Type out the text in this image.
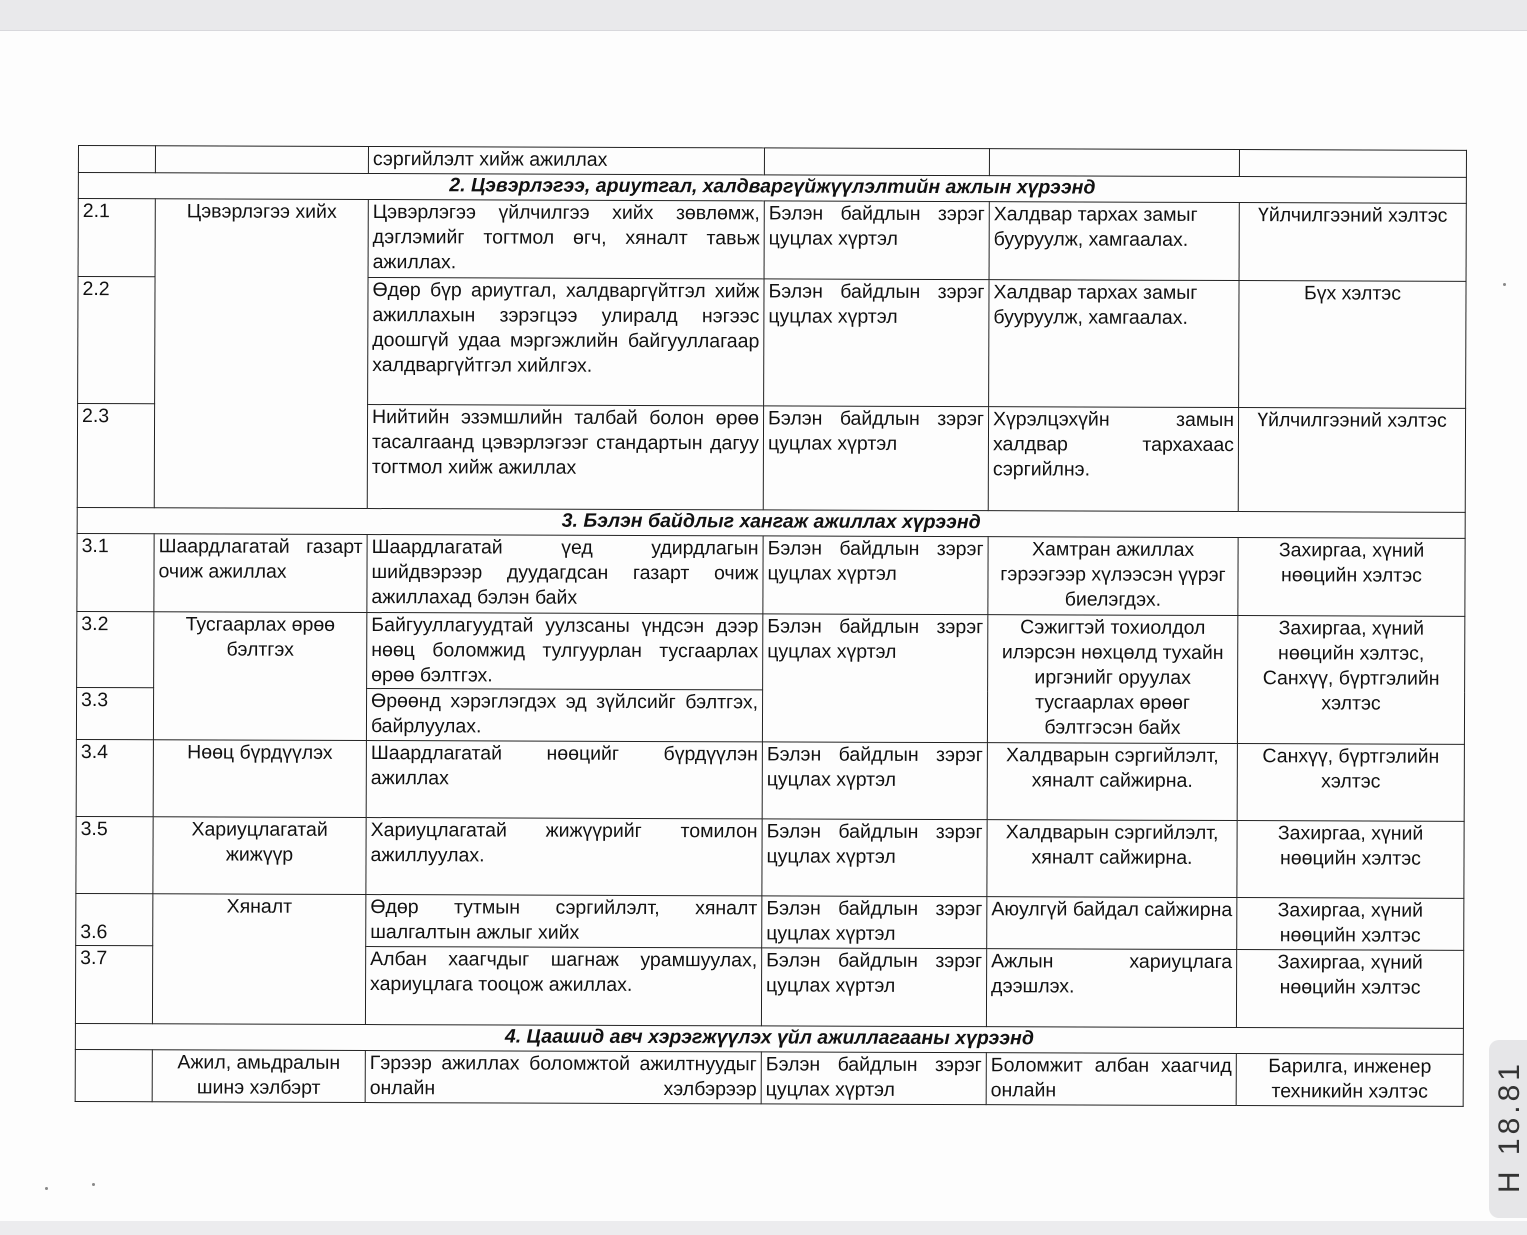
H 18.81
		сэргийлэлт хийж ажиллах			
2. Цэвэрлэгээ, ариутгал, халдваргүйжүүлэлтийн ажлын хүрээнд					
2.1	Цэвэрлэгээ хийх	Цэвэрлэгээ үйлчилгээ хийх зөвлөмж, дэглэмийг тогтмол өгч, хяналт тавьж ажиллах.	Бэлэн байдлын зэрэг цуцлах хүртэл	Халдвар тархах замыг бууруулж, хамгаалах.	Үйлчилгээний хэлтэс
2.2		Өдөр бүр ариутгал, халдваргүйтгэл хийж ажиллахын зэрэгцээ улиралд нэгээс доошгүй удаа мэргэжлийн байгууллагаар халдваргүйтгэл хийлгэх.	Бэлэн байдлын зэрэг цуцлах хүртэл	Халдвар тархах замыг бууруулж, хамгаалах.	Бүх хэлтэс
2.3		Нийтийн эзэмшлийн талбай болон өрөө тасалгаанд цэвэрлэгээг стандартын дагуу тогтмол хийж ажиллах	Бэлэн байдлын зэрэг цуцлах хүртэл	Хүрэлцэхүйн замын халдвар тархахаас сэргийлнэ.	Үйлчилгээний хэлтэс
3. Бэлэн байдлыг хангаж ажиллах хүрээнд					
3.1	Шаардлагатай газарт очиж ажиллах	Шаардлагатай үед удирдлагын шийдвэрээр дуудагдсан газарт очиж ажиллахад бэлэн байх	Бэлэн байдлын зэрэг цуцлах хүртэл	Хамтран ажиллах гэрээгээр хүлээсэн үүрэг биелэгдэх.	Захиргаа, хүний нөөцийн хэлтэс
3.2	Тусгаарлах өрөө бэлтгэх	Байгууллагуудтай уулзсаны үндсэн дээр нөөц боломжид тулгуурлан тусгаарлах өрөө бэлтгэх.	Бэлэн байдлын зэрэг цуцлах хүртэл	Сэжигтэй тохиолдол илэрсэн нөхцөлд тухайн иргэнийг оруулах тусгаарлах өрөөг бэлтгэсэн байх	Захиргаа, хүний нөөцийн хэлтэс, Санхүү, бүртгэлийн хэлтэс
3.3		Өрөөнд хэрэглэгдэх эд зүйлсийг бэлтгэх, байрлуулах.			
3.4	Нөөц бүрдүүлэх	Шаардлагатай нөөцийг бүрдүүлэн ажиллах	Бэлэн байдлын зэрэг цуцлах хүртэл	Халдварын сэргийлэлт, хяналт сайжирна.	Санхүү, бүртгэлийн хэлтэс
3.5	Хариуцлагатай жижүүр	Хариуцлагатай жижүүрийг томилон ажиллуулах.	Бэлэн байдлын зэрэг цуцлах хүртэл	Халдварын сэргийлэлт, хяналт сайжирна.	Захиргаа, хүний нөөцийн хэлтэс
3.6	Хяналт	Өдөр тутмын сэргийлэлт, хяналт шалгалтын ажлыг хийх	Бэлэн байдлын зэрэг цуцлах хүртэл	Аюулгүй байдал сайжирна	Захиргаа, хүний нөөцийн хэлтэс
3.7		Албан хаагчдыг шагнаж урамшуулах, хариуцлага тооцож ажиллах.	Бэлэн байдлын зэрэг цуцлах хүртэл	Ажлын хариуцлага дээшлэх.	Захиргаа, хүний нөөцийн хэлтэс
4. Цаашид авч хэрэгжүүлэх үйл ажиллагааны хүрээнд					
	Ажил, амьдралын шинэ хэлбэрт	Гэрээр ажиллах боломжтой ажилтнуудыг онлайн хэлбэрээр	Бэлэн байдлын зэрэг цуцлах хүртэл	Боломжит албан хаагчид онлайн	Барилга, инженер техникийн хэлтэс
